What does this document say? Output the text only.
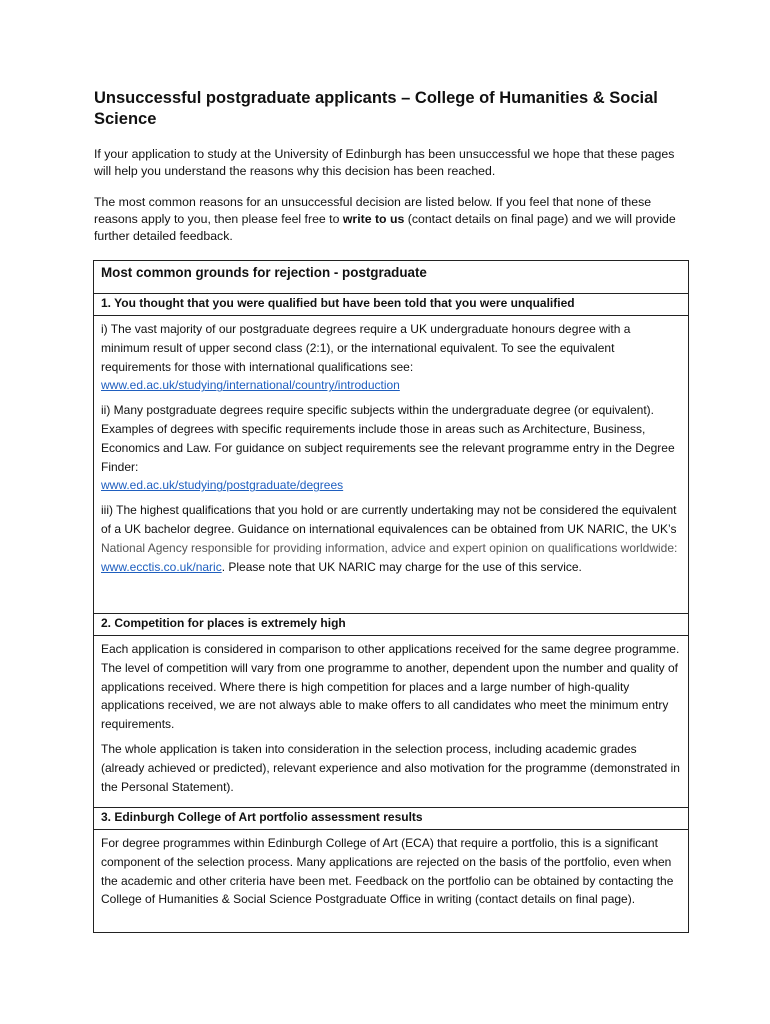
Unsuccessful postgraduate applicants – College of Humanities & Social Science

If your application to study at the University of Edinburgh has been unsuccessful we hope that these pages will help you understand the reasons why this decision has been reached.

The most common reasons for an unsuccessful decision are listed below. If you feel that none of these reasons apply to you, then please feel free to write to us (contact details on final page) and we will provide further detailed feedback.

Most common grounds for rejection - postgraduate
1. You thought that you were qualified but have been told that you were unqualified

i) The vast majority of our postgraduate degrees require a UK undergraduate honours degree with a minimum result of upper second class (2:1), or the international equivalent. To see the equivalent requirements for those with international qualifications see:
www.ed.ac.uk/studying/international/country/introduction

ii) Many postgraduate degrees require specific subjects within the undergraduate degree (or equivalent). Examples of degrees with specific requirements include those in areas such as Architecture, Business, Economics and Law. For guidance on subject requirements see the relevant programme entry in the Degree Finder:
www.ed.ac.uk/studying/postgraduate/degrees

iii) The highest qualifications that you hold or are currently undertaking may not be considered the equivalent of a UK bachelor degree. Guidance on international equivalences can be obtained from UK NARIC, the UK’s National Agency responsible for providing information, advice and expert opinion on qualifications worldwide: www.ecctis.co.uk/naric. Please note that UK NARIC may charge for the use of this service.

2. Competition for places is extremely high

Each application is considered in comparison to other applications received for the same degree programme. The level of competition will vary from one programme to another, dependent upon the number and quality of applications received. Where there is high competition for places and a large number of high-quality applications received, we are not always able to make offers to all candidates who meet the minimum entry requirements.

The whole application is taken into consideration in the selection process, including academic grades (already achieved or predicted), relevant experience and also motivation for the programme (demonstrated in the Personal Statement).

3. Edinburgh College of Art portfolio assessment results

For degree programmes within Edinburgh College of Art (ECA) that require a portfolio, this is a significant component of the selection process. Many applications are rejected on the basis of the portfolio, even when the academic and other criteria have been met. Feedback on the portfolio can be obtained by contacting the College of Humanities & Social Science Postgraduate Office in writing (contact details on final page).
